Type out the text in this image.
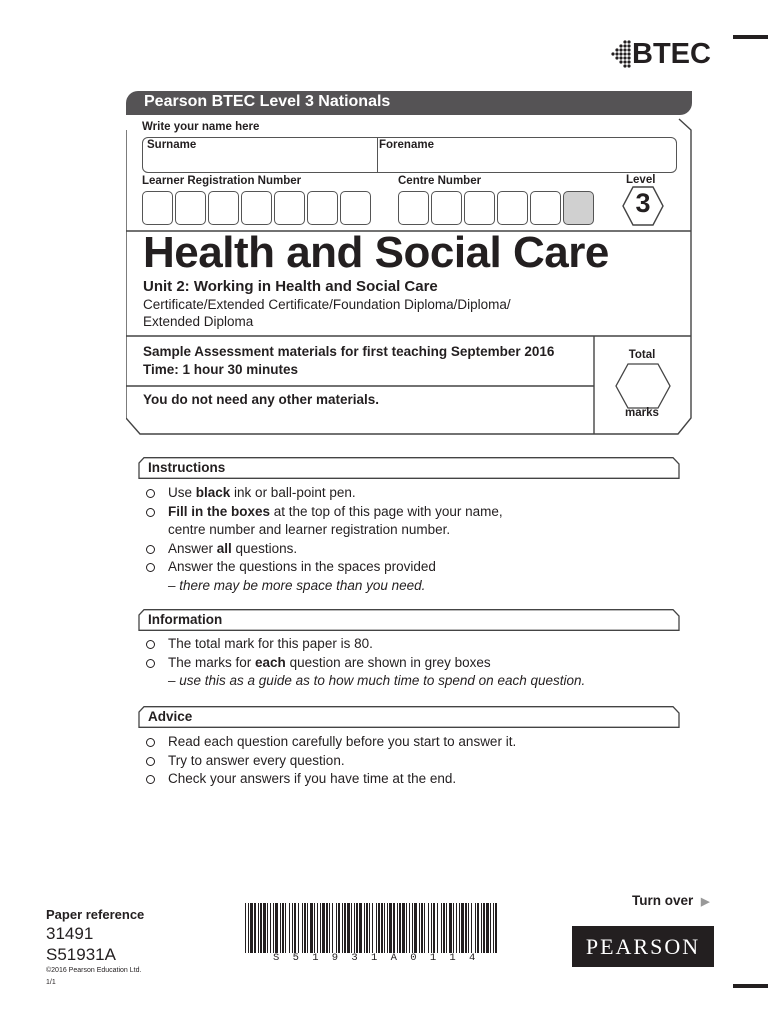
BTEC
Pearson BTEC Level 3 Nationals
Write your name here
Surname	Forename
Learner Registration Number	Centre Number	Level
3
Health and Social Care
Unit 2: Working in Health and Social Care
Certificate/Extended Certificate/Foundation Diploma/Diploma/
Extended Diploma
Sample Assessment materials for first teaching September 2016
Time: 1 hour 30 minutes
You do not need any other materials.
Total
marks
Instructions
Use black ink or ball-point pen.
Fill in the boxes at the top of this page with your name,
centre number and learner registration number.
Answer all questions.
Answer the questions in the spaces provided
– there may be more space than you need.
Information
The total mark for this paper is 80.
The marks for each question are shown in grey boxes
– use this as a guide as to how much time to spend on each question.
Advice
Read each question carefully before you start to answer it.
Try to answer every question.
Check your answers if you have time at the end.
Paper reference
31491
S51931A
©2016 Pearson Education Ltd.
1/1
S 5 1 9 3 1 A 0 1 1 4
Turn over ▶
PEARSON
